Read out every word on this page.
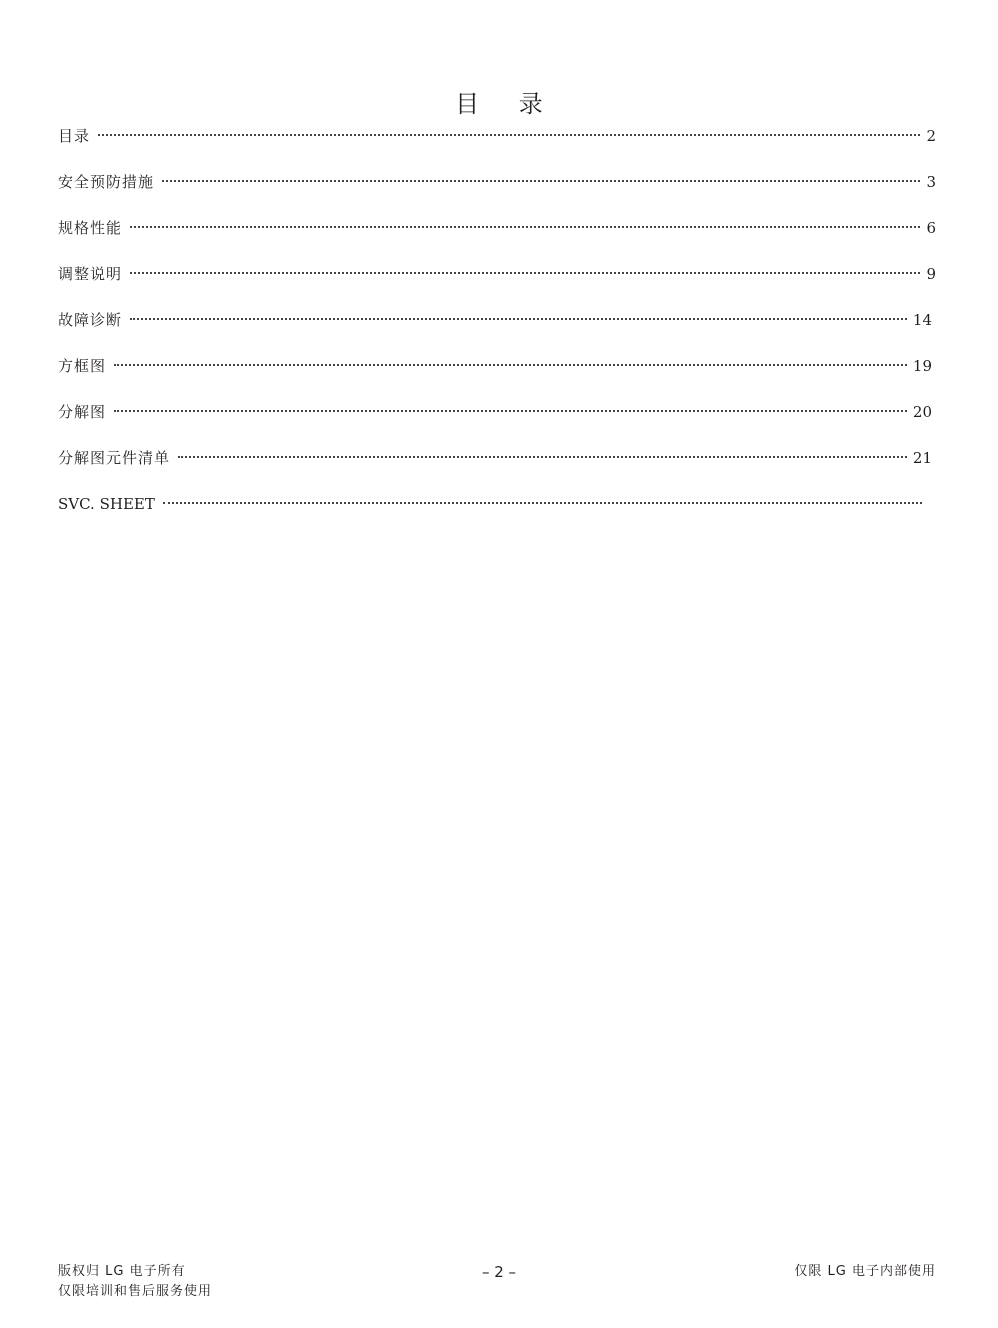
目 录
目录	2
安全预防措施	3
规格性能	6
调整说明	9
故障诊断	14
方框图	19
分解图	20
分解图元件清单	21
SVC. SHEET
版权归 LG 电子所有
仅限培训和售后服务使用
– 2 –	仅限 LG 电子内部使用
